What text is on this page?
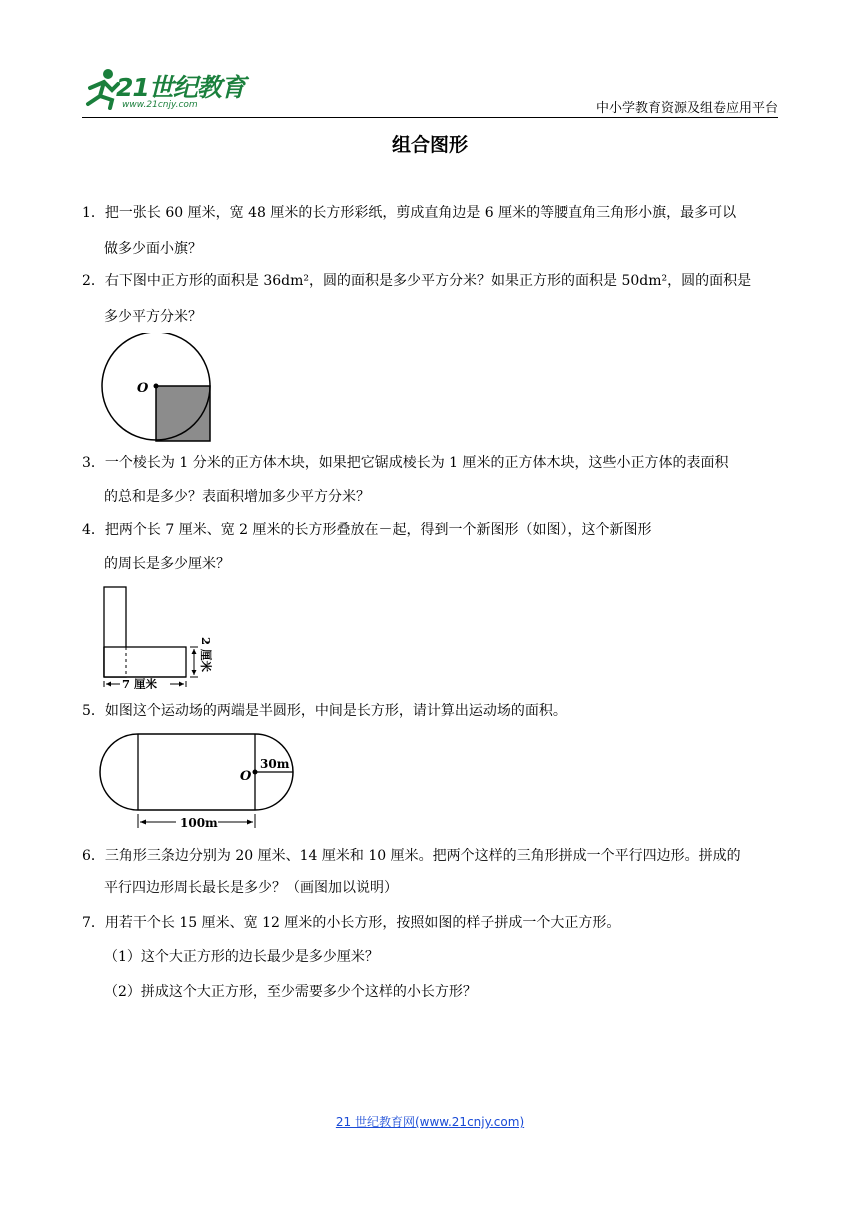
21世纪教育
www.21cnjy.com	中小学教育资源及组卷应用平台
组合图形
1．把一张长 60 厘米，宽 48 厘米的长方形彩纸，剪成直角边是 6 厘米的等腰直角三角形小旗，最多可以
做多少面小旗？
2．右下图中正方形的面积是 36dm²，圆的面积是多少平方分米？如果正方形的面积是 50dm²，圆的面积是
多少平方分米？
O
3．一个棱长为 1 分米的正方体木块，如果把它锯成棱长为 1 厘米的正方体木块，这些小正方体的表面积
的总和是多少？表面积增加多少平方分米？
4．把两个长 7 厘米、宽 2 厘米的长方形叠放在－起，得到一个新图形（如图），这个新图形
的周长是多少厘米？
7 厘米
2 厘米
5．如图这个运动场的两端是半圆形，中间是长方形，请计算出运动场的面积。
O
30m
100m
6．三角形三条边分别为 20 厘米、14 厘米和 10 厘米。把两个这样的三角形拼成一个平行四边形。拼成的
平行四边形周长最长是多少？（画图加以说明）
7．用若干个长 15 厘米、宽 12 厘米的小长方形，按照如图的样子拼成一个大正方形。
（1）这个大正方形的边长最少是多少厘米？
（2）拼成这个大正方形，至少需要多少个这样的小长方形？
21 世纪教育网(www.21cnjy.com)
